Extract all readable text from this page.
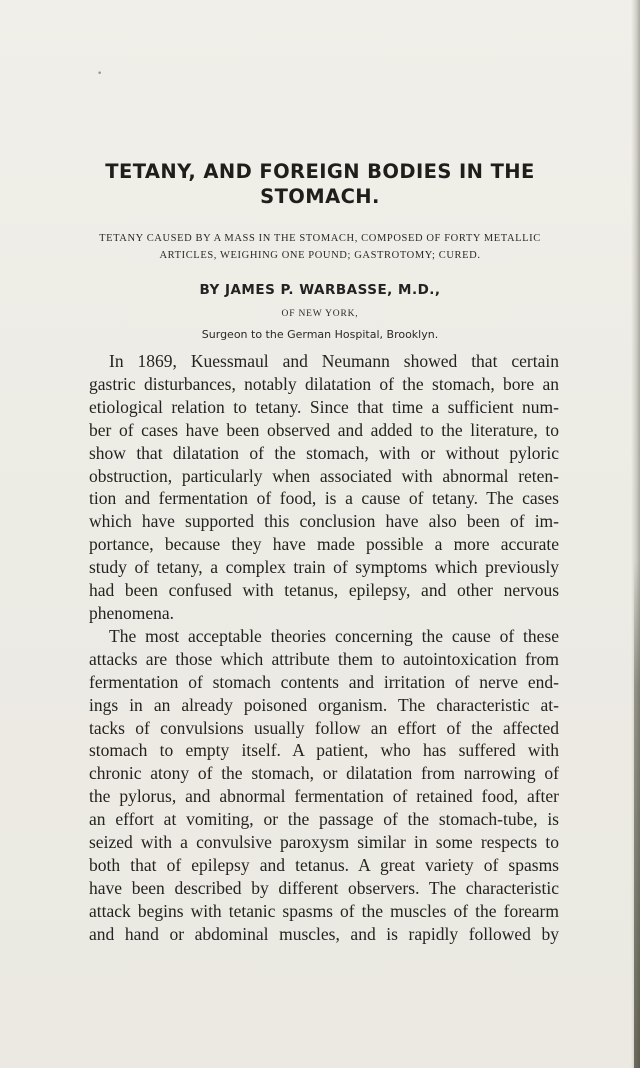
•
TETANY, AND FOREIGN BODIES IN THE
STOMACH.
TETANY CAUSED BY A MASS IN THE STOMACH, COMPOSED OF FORTY METALLIC
ARTICLES, WEIGHING ONE POUND; GASTROTOMY; CURED.
BY JAMES P. WARBASSE, M.D.,
OF NEW YORK,
Surgeon to the German Hospital, Brooklyn.
In 1869, Kuessmaul and Neumann showed that certain
gastric disturbances, notably dilatation of the stomach, bore an
etiological relation to tetany. Since that time a sufficient num-
ber of cases have been observed and added to the literature, to
show that dilatation of the stomach, with or without pyloric
obstruction, particularly when associated with abnormal reten-
tion and fermentation of food, is a cause of tetany. The cases
which have supported this conclusion have also been of im-
portance, because they have made possible a more accurate
study of tetany, a complex train of symptoms which previously
had been confused with tetanus, epilepsy, and other nervous
phenomena.
The most acceptable theories concerning the cause of these
attacks are those which attribute them to autointoxication from
fermentation of stomach contents and irritation of nerve end-
ings in an already poisoned organism. The characteristic at-
tacks of convulsions usually follow an effort of the affected
stomach to empty itself. A patient, who has suffered with
chronic atony of the stomach, or dilatation from narrowing of
the pylorus, and abnormal fermentation of retained food, after
an effort at vomiting, or the passage of the stomach-tube, is
seized with a convulsive paroxysm similar in some respects to
both that of epilepsy and tetanus. A great variety of spasms
have been described by different observers. The characteristic
attack begins with tetanic spasms of the muscles of the forearm
and hand or abdominal muscles, and is rapidly followed by
